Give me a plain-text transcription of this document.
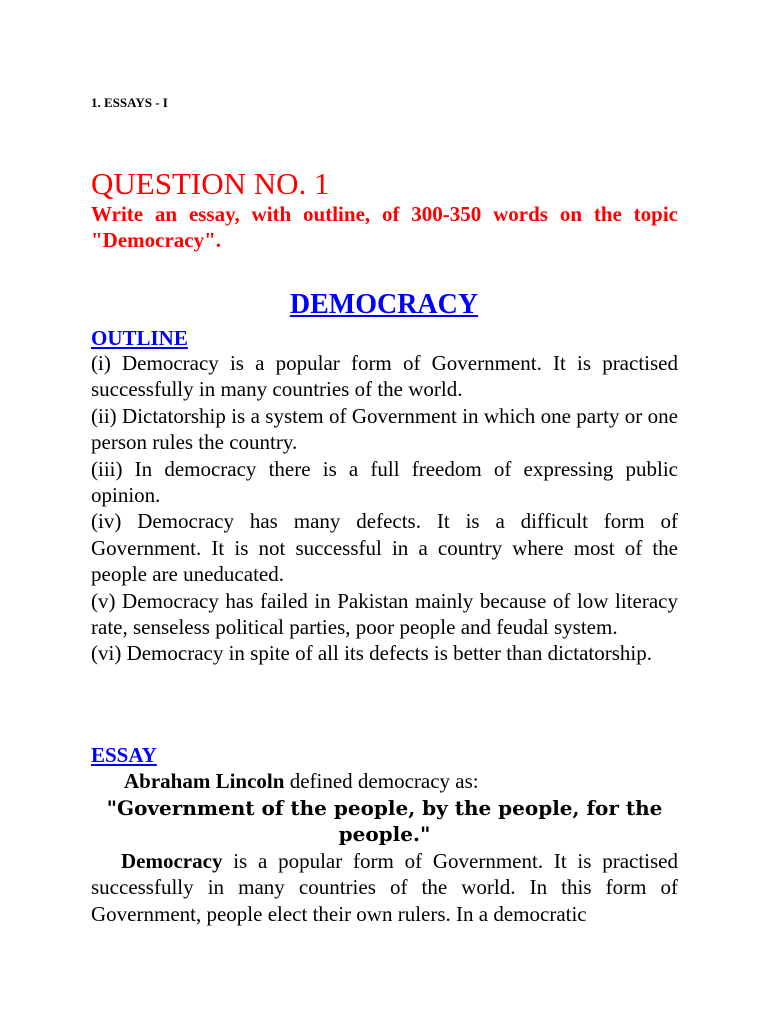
1. ESSAYS - I
QUESTION NO. 1

Write an essay, with outline, of 300-350 words on the topic "Democracy".

DEMOCRACY
OUTLINE
(i) Democracy is a popular form of Government. It is practised successfully in many countries of the world.
(ii) Dictatorship is a system of Government in which one party or one person rules the country.
(iii) In democracy there is a full freedom of expressing public opinion.
(iv) Democracy has many defects. It is a difficult form of Government. It is not successful in a country where most of the people are uneducated.
(v) Democracy has failed in Pakistan mainly because of low literacy rate, senseless political parties, poor people and feudal system.
(vi) Democracy in spite of all its defects is better than dictatorship.
ESSAY

Abraham Lincoln defined democracy as:

"Government of the people, by the people, for the people."

Democracy is a popular form of Government. It is practised successfully in many countries of the world. In this form of Government, people elect their own rulers. In a democratic
